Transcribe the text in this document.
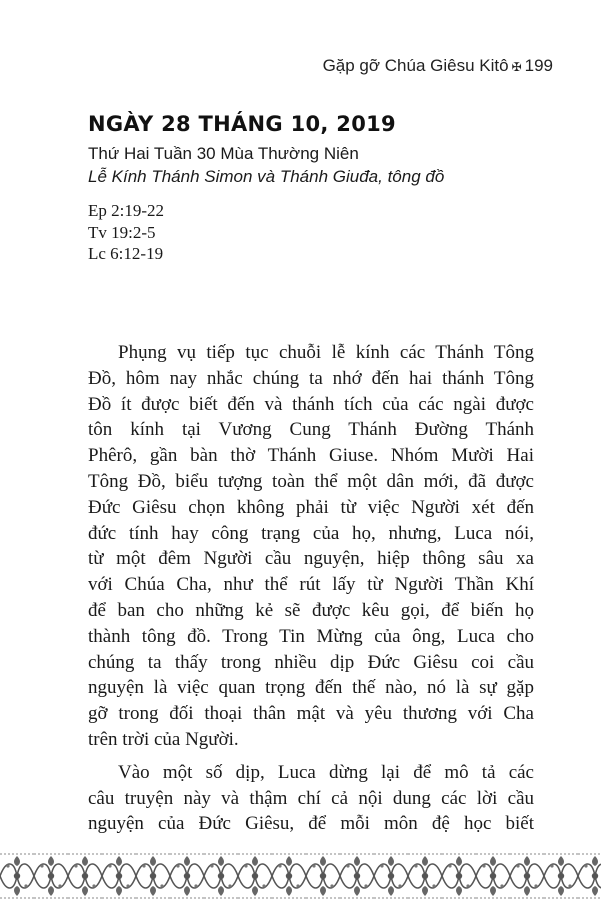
Gặp gỡ Chúa Giêsu Kitô ✠ 199
NGÀY 28 THÁNG 10, 2019
Thứ Hai Tuần 30 Mùa Thường Niên
Lễ Kính Thánh Simon và Thánh Giuđa, tông đồ
Ep 2:19-22
Tv 19:2-5
Lc 6:12-19

Phụng vụ tiếp tục chuỗi lễ kính các Thánh Tông
Đồ, hôm nay nhắc chúng ta nhớ đến hai thánh Tông
Đồ ít được biết đến và thánh tích của các ngài được
tôn kính tại Vương Cung Thánh Đường Thánh
Phêrô, gần bàn thờ Thánh Giuse. Nhóm Mười Hai
Tông Đồ, biểu tượng toàn thể một dân mới, đã được
Đức Giêsu chọn không phải từ việc Người xét đến
đức tính hay công trạng của họ, nhưng, Luca nói,
từ một đêm Người cầu nguyện, hiệp thông sâu xa
với Chúa Cha, như thể rút lấy từ Người Thần Khí
để ban cho những kẻ sẽ được kêu gọi, để biến họ
thành tông đồ. Trong Tin Mừng của ông, Luca cho
chúng ta thấy trong nhiều dịp Đức Giêsu coi cầu
nguyện là việc quan trọng đến thế nào, nó là sự gặp
gỡ trong đối thoại thân mật và yêu thương với Cha
trên trời của Người.

Vào một số dịp, Luca dừng lại để mô tả các
câu truyện này và thậm chí cả nội dung các lời cầu
nguyện của Đức Giêsu, để mỗi môn đệ học biết
